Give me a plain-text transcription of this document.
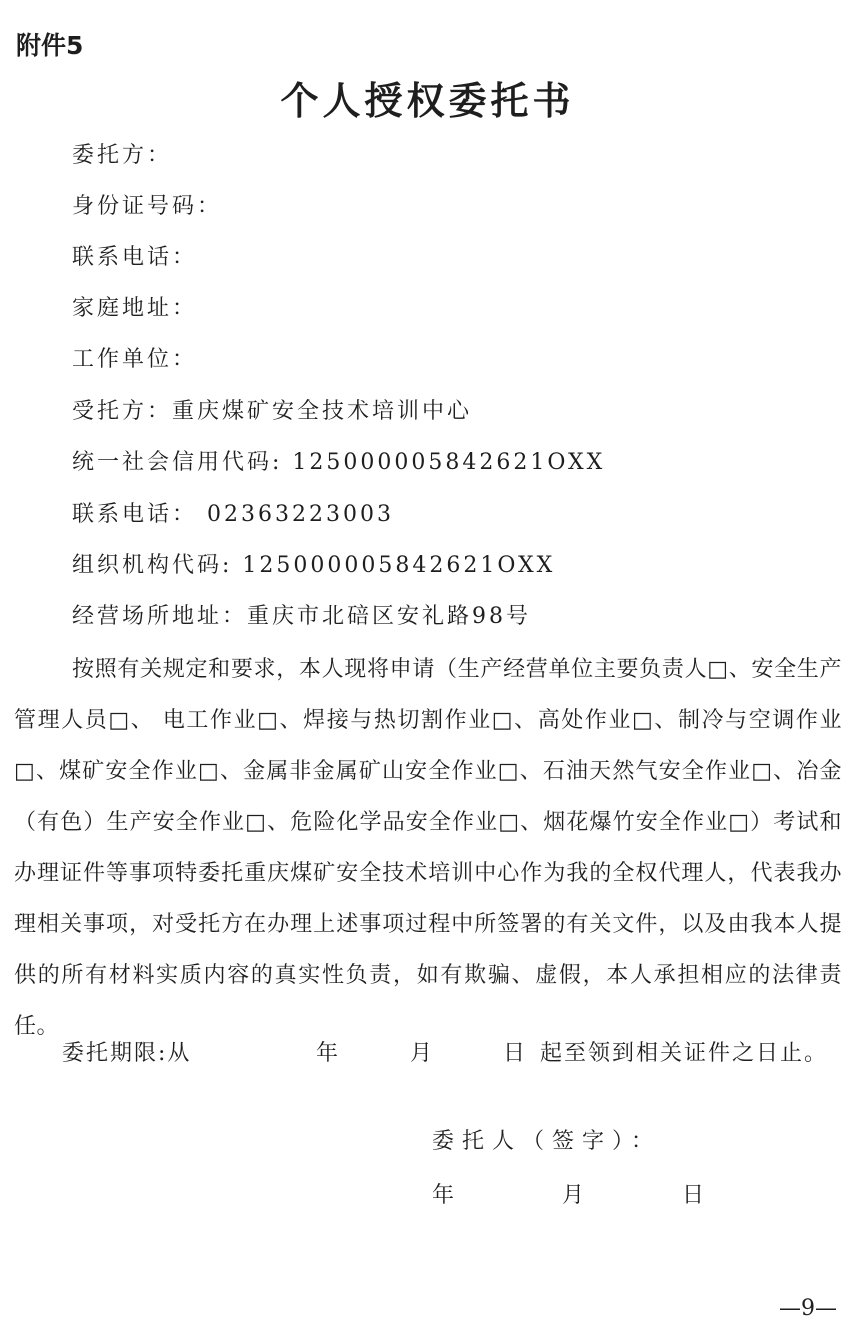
附件5
个人授权委托书
委托方：
身份证号码：
联系电话：
家庭地址：
工作单位：
受托方：重庆煤矿安全技术培训中心
统一社会信用代码: 125000005842621OXX
联系电话： 02363223003
组织机构代码: 125000005842621OXX
经营场所地址：重庆市北碚区安礼路98号
按照有关规定和要求，本人现将申请（生产经营单位主要负责人□、安全生产管理人员□、 电工作业□、焊接与热切割作业□、高处作业□、制冷与空调作业□、煤矿安全作业□、金属非金属矿山安全作业□、石油天然气安全作业□、冶金（有色）生产安全作业□、危险化学品安全作业□、烟花爆竹安全作业□）考试和办理证件等事项特委托重庆煤矿安全技术培训中心作为我的全权代理人，代表我办理相关事项，对受托方在办理上述事项过程中所签署的有关文件，以及由我本人提供的所有材料实质内容的真实性负责，如有欺骗、虚假，本人承担相应的法律责任。
委托期限:从	年	月	日 起至领到相关证件之日止。
委托人（签字）：
年	月	日
—9—
